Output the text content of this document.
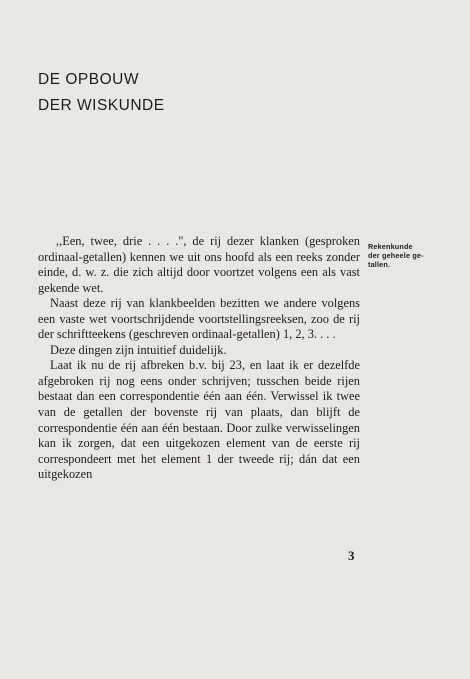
DE OPBOUW
DER WISKUNDE

,,Een, twee, drie . . . .", de rij dezer klanken (gesproken ordinaal-getallen) kennen we uit ons hoofd als een reeks zonder einde, d. w. z. die zich altijd door voortzet volgens een als vast gekende wet.

Naast deze rij van klankbeelden bezitten we andere volgens een vaste wet voortschrijdende voortstellingsreeksen, zoo de rij der schriftteekens (geschreven ordinaal-getallen) 1, 2, 3. . . .

Deze dingen zijn intuitief duidelijk.

Laat ik nu de rij afbreken b.v. bij 23, en laat ik er dezelfde afgebroken rij nog eens onder schrijven; tusschen beide rijen bestaat dan een correspondentie één aan één. Verwissel ik twee van de getallen der bovenste rij van plaats, dan blijft de correspondentie één aan één bestaan. Door zulke verwisselingen kan ik zorgen, dat een uitgekozen element van de eerste rij correspondeert met het element 1 der tweede rij; dán dat een uitgekozen

Rekenkunde
der geheele ge-
tallen.
3
